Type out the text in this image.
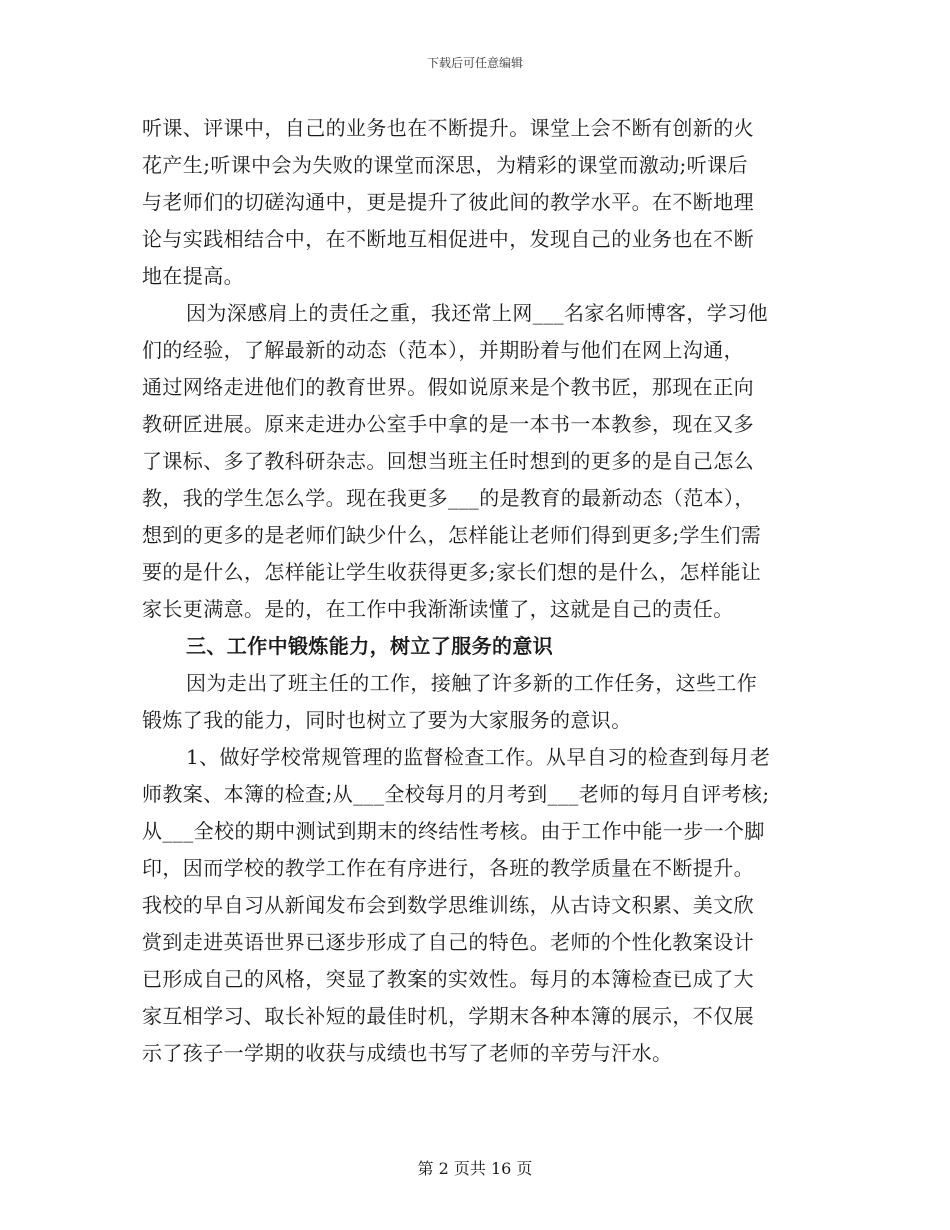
下载后可任意编辑
听课、评课中，自己的业务也在不断提升。课堂上会不断有创新的火
花产生;听课中会为失败的课堂而深思，为精彩的课堂而激动;听课后
与老师们的切磋沟通中，更是提升了彼此间的教学水平。在不断地理
论与实践相结合中，在不断地互相促进中，发现自己的业务也在不断
地在提高。
因为深感肩上的责任之重，我还常上网___名家名师博客，学习他
们的经验，了解最新的动态（范本），并期盼着与他们在网上沟通，
通过网络走进他们的教育世界。假如说原来是个教书匠，那现在正向
教研匠进展。原来走进办公室手中拿的是一本书一本教参，现在又多
了课标、多了教科研杂志。回想当班主任时想到的更多的是自己怎么
教，我的学生怎么学。现在我更多___的是教育的最新动态（范本），
想到的更多的是老师们缺少什么，怎样能让老师们得到更多;学生们需
要的是什么，怎样能让学生收获得更多;家长们想的是什么，怎样能让
家长更满意。是的，在工作中我渐渐读懂了，这就是自己的责任。
三、工作中锻炼能力，树立了服务的意识
因为走出了班主任的工作，接触了许多新的工作任务，这些工作
锻炼了我的能力，同时也树立了要为大家服务的意识。
1、做好学校常规管理的监督检查工作。从早自习的检查到每月老
师教案、本簿的检查;从___全校每月的月考到___老师的每月自评考核;
从___全校的期中测试到期末的终结性考核。由于工作中能一步一个脚
印，因而学校的教学工作在有序进行，各班的教学质量在不断提升。
我校的早自习从新闻发布会到数学思维训练，从古诗文积累、美文欣
赏到走进英语世界已逐步形成了自己的特色。老师的个性化教案设计
已形成自己的风格，突显了教案的实效性。每月的本簿检查已成了大
家互相学习、取长补短的最佳时机，学期末各种本簿的展示，不仅展
示了孩子一学期的收获与成绩也书写了老师的辛劳与汗水。
第 2 页共 16 页
